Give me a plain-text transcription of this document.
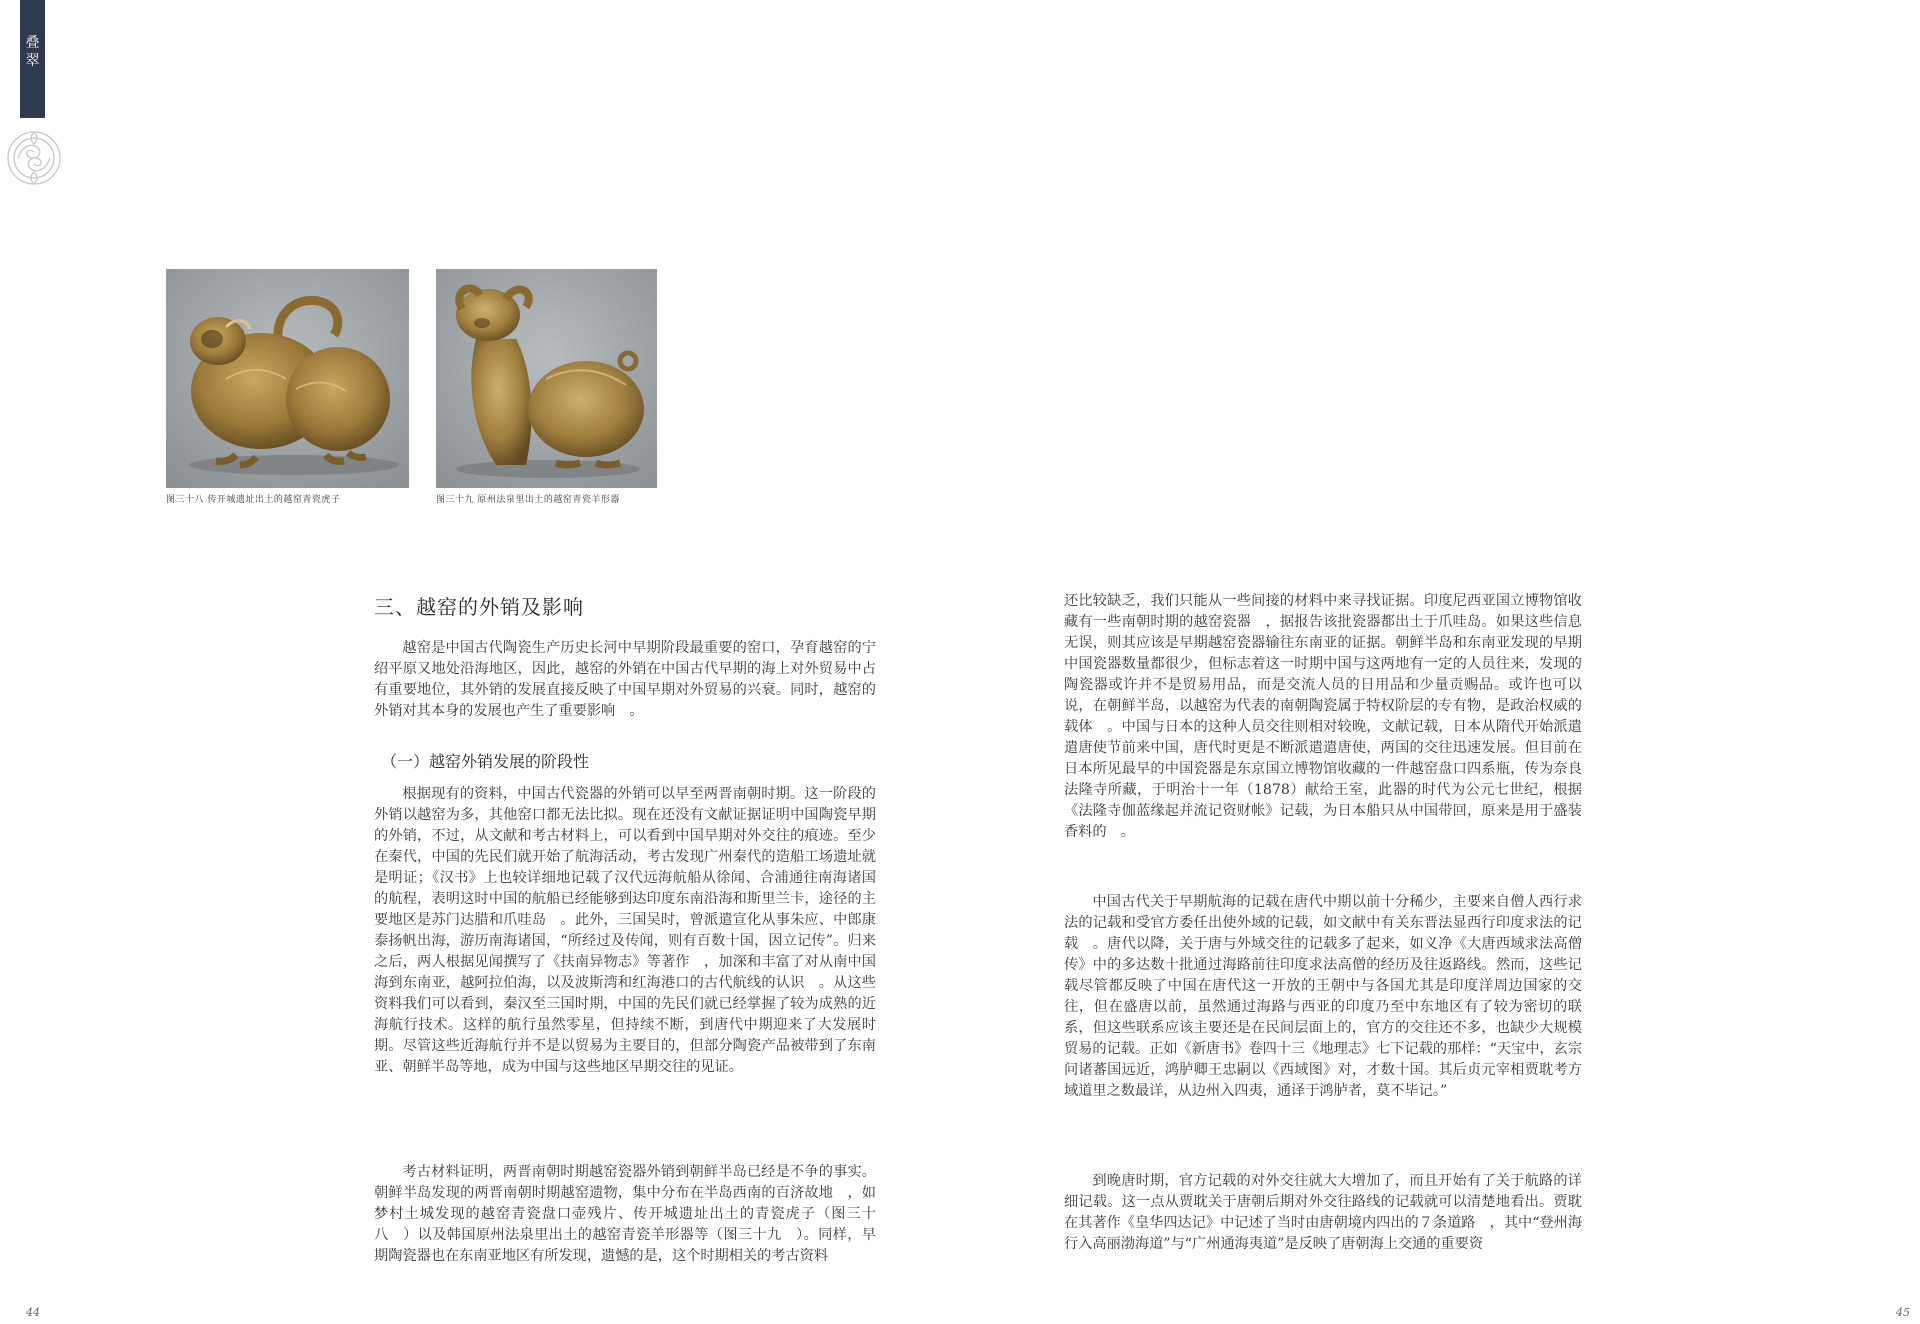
叠
翠
图三十八 传开城遗址出土的越窑青瓷虎子	图三十九 原州法泉里出土的越窑青瓷羊形器
三、越窑的外销及影响

越窑是中国古代陶瓷生产历史长河中早期阶段最重要的窑口，孕育越窑的宁绍平原又地处沿海地区，因此，越窑的外销在中国古代早期的海上对外贸易中占有重要地位，其外销的发展直接反映了中国早期对外贸易的兴衰。同时，越窑的外销对其本身的发展也产生了重要影响　。

（一）越窑外销发展的阶段性

根据现有的资料，中国古代瓷器的外销可以早至两晋南朝时期。这一阶段的外销以越窑为多，其他窑口都无法比拟。现在还没有文献证据证明中国陶瓷早期的外销，不过，从文献和考古材料上，可以看到中国早期对外交往的痕迹。至少在秦代，中国的先民们就开始了航海活动，考古发现广州秦代的造船工场遗址就是明证；《汉书》上也较详细地记载了汉代远海航船从徐闻、合浦通往南海诸国的航程，表明这时中国的航船已经能够到达印度东南沿海和斯里兰卡，途径的主要地区是苏门达腊和爪哇岛　。此外，三国吴时，曾派遣宣化从事朱应、中郎康泰扬帆出海，游历南海诸国，“所经过及传闻，则有百数十国，因立记传”。归来之后，两人根据见闻撰写了《扶南异物志》等著作　，加深和丰富了对从南中国海到东南亚，越阿拉伯海，以及波斯湾和红海港口的古代航线的认识　。从这些资料我们可以看到，秦汉至三国时期，中国的先民们就已经掌握了较为成熟的近海航行技术。这样的航行虽然零星，但持续不断，到唐代中期迎来了大发展时期。尽管这些近海航行并不是以贸易为主要目的，但部分陶瓷产品被带到了东南亚、朝鲜半岛等地，成为中国与这些地区早期交往的见证。

考古材料证明，两晋南朝时期越窑瓷器外销到朝鲜半岛已经是不争的事实。朝鲜半岛发现的两晋南朝时期越窑遗物，集中分布在半岛西南的百济故地　，如梦村土城发现的越窑青瓷盘口壶残片、传开城遗址出土的青瓷虎子（图三十八　）以及韩国原州法泉里出土的越窑青瓷羊形器等（图三十九　）。同样，早期陶瓷器也在东南亚地区有所发现，遗憾的是，这个时期相关的考古资料

44

还比较缺乏，我们只能从一些间接的材料中来寻找证据。印度尼西亚国立博物馆收藏有一些南朝时期的越窑瓷器　，据报告该批瓷器都出土于爪哇岛。如果这些信息无误，则其应该是早期越窑瓷器输往东南亚的证据。朝鲜半岛和东南亚发现的早期中国瓷器数量都很少，但标志着这一时期中国与这两地有一定的人员往来，发现的陶瓷器或许并不是贸易用品，而是交流人员的日用品和少量贡赐品。或许也可以说，在朝鲜半岛，以越窑为代表的南朝陶瓷属于特权阶层的专有物，是政治权威的载体　。中国与日本的这种人员交往则相对较晚，文献记载，日本从隋代开始派遣遣唐使节前来中国，唐代时更是不断派遣遣唐使，两国的交往迅速发展。但目前在日本所见最早的中国瓷器是东京国立博物馆收藏的一件越窑盘口四系瓶，传为奈良法隆寺所藏，于明治十一年（1878）献给王室，此器的时代为公元七世纪，根据《法隆寺伽蓝缘起并流记资财帐》记载，为日本船只从中国带回，原来是用于盛装香料的　。

中国古代关于早期航海的记载在唐代中期以前十分稀少，主要来自僧人西行求法的记载和受官方委任出使外域的记载，如文献中有关东晋法显西行印度求法的记载　。唐代以降，关于唐与外域交往的记载多了起来，如义净《大唐西域求法高僧传》中的多达数十批通过海路前往印度求法高僧的经历及往返路线。然而，这些记载尽管都反映了中国在唐代这一开放的王朝中与各国尤其是印度洋周边国家的交往，但在盛唐以前，虽然通过海路与西亚的印度乃至中东地区有了较为密切的联系，但这些联系应该主要还是在民间层面上的，官方的交往还不多，也缺少大规模贸易的记载。正如《新唐书》卷四十三《地理志》七下记载的那样：“天宝中，玄宗问诸蕃国远近，鸿胪卿王忠嗣以《西域图》对，才数十国。其后贞元宰相贾耽考方域道里之数最详，从边州入四夷，通译于鸿胪者，莫不毕记。”

到晚唐时期，官方记载的对外交往就大大增加了，而且开始有了关于航路的详细记载。这一点从贾耽关于唐朝后期对外交往路线的记载就可以清楚地看出。贾耽在其著作《皇华四达记》中记述了当时由唐朝境内四出的７条道路　，其中“登州海行入高丽渤海道”与“广州通海夷道”是反映了唐朝海上交通的重要资

45
